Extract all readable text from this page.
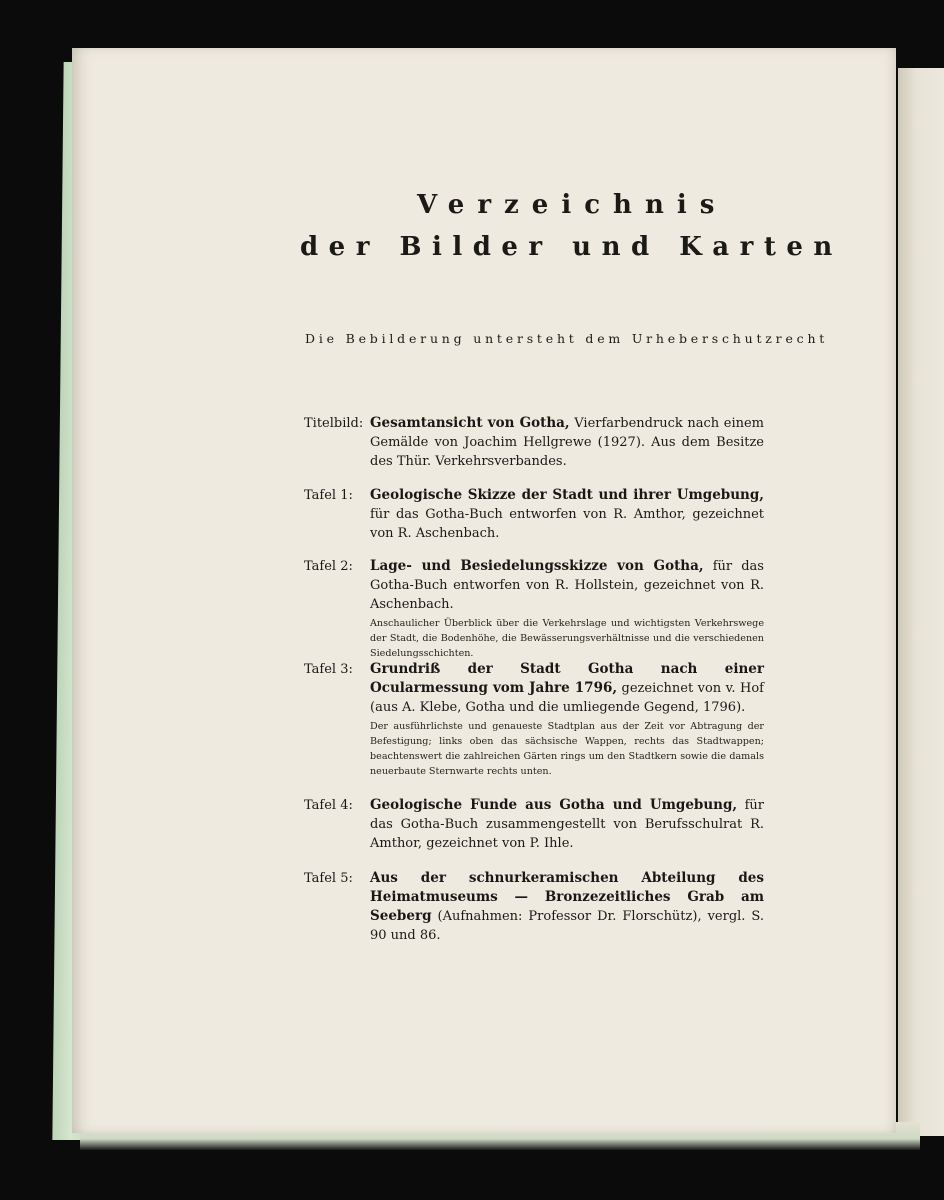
Verzeichnis
der Bilder und Karten
Die Bebilderung untersteht dem Urheberschutzrecht
Titelbild: Gesamtansicht von Gotha, Vierfarbendruck nach einem Gemälde von Joachim Hellgrewe (1927). Aus dem Besitze des Thür. Verkehrsverbandes.
Tafel 1:	Geologische Skizze der Stadt und ihrer Umgebung, für das Gotha-Buch entworfen von R. Amthor, gezeichnet von R. Aschenbach.
Tafel 2:	Lage- und Besiedelungsskizze von Gotha, für das Gotha-Buch entworfen von R. Hollstein, gezeichnet von R. Aschenbach.
Anschaulicher Überblick über die Verkehrslage und wichtigsten Verkehrswege der Stadt, die Bodenhöhe, die Bewässerungsverhältnisse und die verschiedenen Siedelungsschichten.
Tafel 3:	Grundriß der Stadt Gotha nach einer Ocularmessung vom Jahre 1796, gezeichnet von v. Hof (aus A. Klebe, Gotha und die umliegende Gegend, 1796).
Der ausführlichste und genaueste Stadtplan aus der Zeit vor Abtragung der Befestigung; links oben das sächsische Wappen, rechts das Stadtwappen; beachtenswert die zahlreichen Gärten rings um den Stadtkern sowie die damals neuerbaute Sternwarte rechts unten.
Tafel 4:	Geologische Funde aus Gotha und Umgebung, für das Gotha-Buch zusammengestellt von Berufsschulrat R. Amthor, gezeichnet von P. Ihle.
Tafel 5:	Aus der schnurkeramischen Abteilung des Heimatmuseums — Bronzezeitliches Grab am Seeberg (Aufnahmen: Professor Dr. Florschütz), vergl. S. 90 und 86.
